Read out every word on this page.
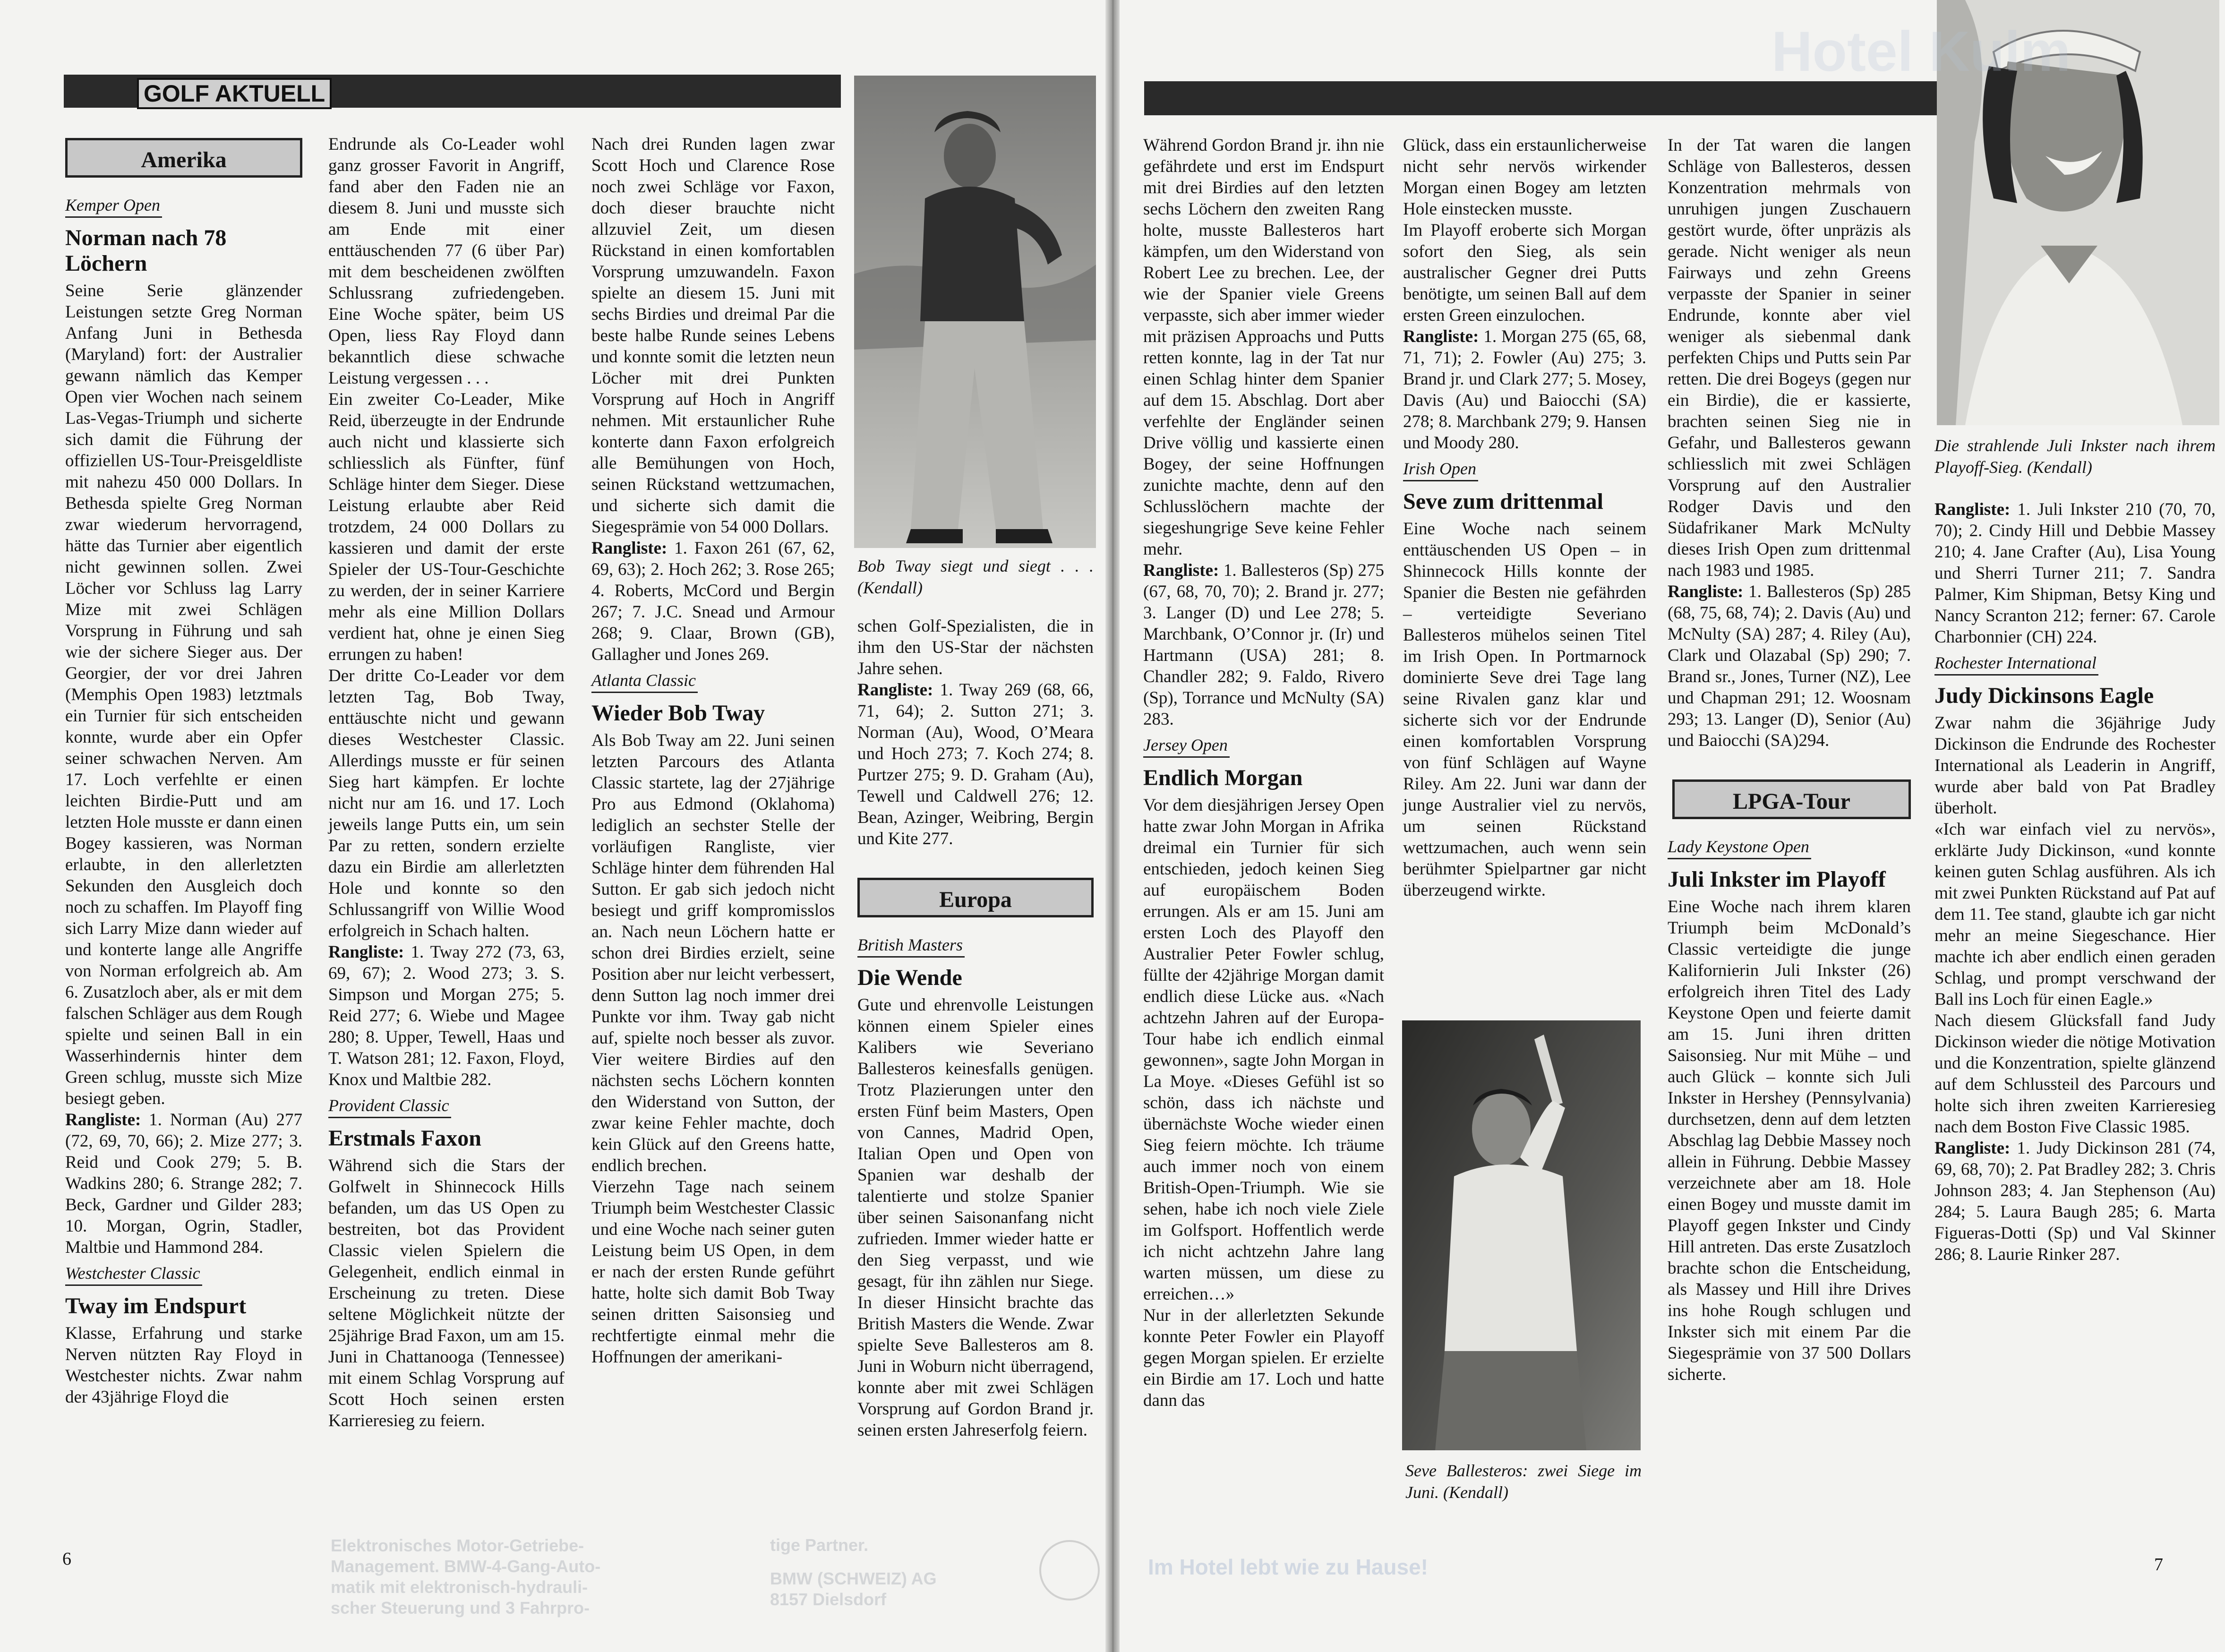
GOLF AKTUELL
Amerika
Kemper Open
Norman nach 78 Löchern

Seine Serie glänzender Leistungen setzte Greg Norman Anfang Juni in Bethesda (Maryland) fort: der Australier gewann nämlich das Kemper Open vier Wochen nach seinem Las-Vegas-Triumph und sicherte sich damit die Führung der offiziellen US-Tour-Preisgeldliste mit nahezu 450 000 Dollars. In Bethesda spielte Greg Norman zwar wiederum hervorragend, hätte das Turnier aber eigentlich nicht gewinnen sollen. Zwei Löcher vor Schluss lag Larry Mize mit zwei Schlägen Vorsprung in Führung und sah wie der sichere Sieger aus. Der Georgier, der vor drei Jahren (Memphis Open 1983) letztmals ein Turnier für sich entscheiden konnte, wurde aber ein Opfer seiner schwachen Nerven. Am 17. Loch verfehlte er einen leichten Birdie-Putt und am letzten Hole musste er dann einen Bogey kassieren, was Norman erlaubte, in den allerletzten Sekunden den Ausgleich doch noch zu schaffen. Im Playoff fing sich Larry Mize dann wieder auf und konterte lange alle Angriffe von Norman erfolgreich ab. Am 6. Zusatzloch aber, als er mit dem falschen Schläger aus dem Rough spielte und seinen Ball in ein Wasserhindernis hinter dem Green schlug, musste sich Mize besiegt geben.

Rangliste: 1. Norman (Au) 277 (72, 69, 70, 66); 2. Mize 277; 3. Reid und Cook 279; 5. B. Wadkins 280; 6. Strange 282; 7. Beck, Gardner und Gilder 283; 10. Morgan, Ogrin, Stadler, Maltbie und Hammond 284.

Westchester Classic
Tway im Endspurt

Klasse, Erfahrung und starke Nerven nützten Ray Floyd in Westchester nichts. Zwar nahm der 43jährige Floyd die

Endrunde als Co-Leader wohl ganz grosser Favorit in Angriff, fand aber den Faden nie an diesem 8. Juni und musste sich am Ende mit einer enttäuschenden 77 (6 über Par) mit dem bescheidenen zwölften Schlussrang zufriedengeben. Eine Woche später, beim US Open, liess Ray Floyd dann bekanntlich diese schwache Leistung vergessen . . .

Ein zweiter Co-Leader, Mike Reid, überzeugte in der Endrunde auch nicht und klassierte sich schliesslich als Fünfter, fünf Schläge hinter dem Sieger. Diese Leistung erlaubte aber Reid trotzdem, 24 000 Dollars zu kassieren und damit der erste Spieler der US-Tour-Geschichte zu werden, der in seiner Karriere mehr als eine Million Dollars verdient hat, ohne je einen Sieg errungen zu haben!

Der dritte Co-Leader vor dem letzten Tag, Bob Tway, enttäuschte nicht und gewann dieses Westchester Classic. Allerdings musste er für seinen Sieg hart kämpfen. Er lochte nicht nur am 16. und 17. Loch jeweils lange Putts ein, um sein Par zu retten, sondern erzielte dazu ein Birdie am allerletzten Hole und konnte so den Schlussangriff von Willie Wood erfolgreich in Schach halten.

Rangliste: 1. Tway 272 (73, 63, 69, 67); 2. Wood 273; 3. S. Simpson und Morgan 275; 5. Reid 277; 6. Wiebe und Magee 280; 8. Upper, Tewell, Haas und T. Watson 281; 12. Faxon, Floyd, Knox und Maltbie 282.

Provident Classic
Erstmals Faxon

Während sich die Stars der Golfwelt in Shinnecock Hills befanden, um das US Open zu bestreiten, bot das Provident Classic vielen Spielern die Gelegenheit, endlich einmal in Erscheinung zu treten. Diese seltene Möglichkeit nützte der 25jährige Brad Faxon, um am 15. Juni in Chattanooga (Tennessee) mit einem Schlag Vorsprung auf Scott Hoch seinen ersten Karrieresieg zu feiern.

Nach drei Runden lagen zwar Scott Hoch und Clarence Rose noch zwei Schläge vor Faxon, doch dieser brauchte nicht allzuviel Zeit, um diesen Rückstand in einen komfortablen Vorsprung umzuwandeln. Faxon spielte an diesem 15. Juni mit sechs Birdies und dreimal Par die beste halbe Runde seines Lebens und konnte somit die letzten neun Löcher mit drei Punkten Vorsprung auf Hoch in Angriff nehmen. Mit erstaunlicher Ruhe konterte dann Faxon erfolgreich alle Bemühungen von Hoch, seinen Rückstand wettzumachen, und sicherte sich damit die Siegesprämie von 54 000 Dollars.

Rangliste: 1. Faxon 261 (67, 62, 69, 63); 2. Hoch 262; 3. Rose 265; 4. Roberts, McCord und Bergin 267; 7. J.C. Snead und Armour 268; 9. Claar, Brown (GB), Gallagher und Jones 269.

Atlanta Classic
Wieder Bob Tway

Als Bob Tway am 22. Juni seinen letzten Parcours des Atlanta Classic startete, lag der 27jährige Pro aus Edmond (Oklahoma) lediglich an sechster Stelle der vorläufigen Rangliste, vier Schläge hinter dem führenden Hal Sutton. Er gab sich jedoch nicht besiegt und griff kompromisslos an. Nach neun Löchern hatte er schon drei Birdies erzielt, seine Position aber nur leicht verbessert, denn Sutton lag noch immer drei Punkte vor ihm. Tway gab nicht auf, spielte noch besser als zuvor. Vier weitere Birdies auf den nächsten sechs Löchern konnten den Widerstand von Sutton, der zwar keine Fehler machte, doch kein Glück auf den Greens hatte, endlich brechen.

Vierzehn Tage nach seinem Triumph beim Westchester Classic und eine Woche nach seiner guten Leistung beim US Open, in dem er nach der ersten Runde geführt hatte, holte sich damit Bob Tway seinen dritten Saisonsieg und rechtfertigte einmal mehr die Hoffnungen der amerikani-

Bob Tway siegt und siegt . . . (Kendall)

schen Golf-Spezialisten, die in ihm den US-Star der nächsten Jahre sehen.

Rangliste: 1. Tway 269 (68, 66, 71, 64); 2. Sutton 271; 3. Norman (Au), Wood, O’Meara und Hoch 273; 7. Koch 274; 8. Purtzer 275; 9. D. Graham (Au), Tewell und Caldwell 276; 12. Bean, Azinger, Weibring, Bergin und Kite 277.

Europa
British Masters
Die Wende

Gute und ehrenvolle Leistungen können einem Spieler eines Kalibers wie Severiano Ballesteros keinesfalls genügen. Trotz Plazierungen unter den ersten Fünf beim Masters, Open von Cannes, Madrid Open, Italian Open und Open von Spanien war deshalb der talentierte und stolze Spanier über seinen Saisonanfang nicht zufrieden. Immer wieder hatte er den Sieg verpasst, und wie gesagt, für ihn zählen nur Siege. In dieser Hinsicht brachte das British Masters die Wende. Zwar spielte Seve Ballesteros am 8. Juni in Woburn nicht überragend, konnte aber mit zwei Schlägen Vorsprung auf Gordon Brand jr. seinen ersten Jahreserfolg feiern.

Elektronisches Motor-Getriebe-
Management. BMW-4-Gang-Auto-
matik mit elektronisch-hydrauli-
scher Steuerung und 3 Fahrpro-
tige Partner.
BMW (SCHWEIZ) AG
8157 Dielsdorf
6

Während Gordon Brand jr. ihn nie gefährdete und erst im Endspurt mit drei Birdies auf den letzten sechs Löchern den zweiten Rang holte, musste Ballesteros hart kämpfen, um den Widerstand von Robert Lee zu brechen. Lee, der wie der Spanier viele Greens verpasste, sich aber immer wieder mit präzisen Approachs und Putts retten konnte, lag in der Tat nur einen Schlag hinter dem Spanier auf dem 15. Abschlag. Dort aber verfehlte der Engländer seinen Drive völlig und kassierte einen Bogey, der seine Hoffnungen zunichte machte, denn auf den Schlusslöchern machte der siegeshungrige Seve keine Fehler mehr.

Rangliste: 1. Ballesteros (Sp) 275 (67, 68, 70, 70); 2. Brand jr. 277; 3. Langer (D) und Lee 278; 5. Marchbank, O’Connor jr. (Ir) und Hartmann (USA) 281; 8. Chandler 282; 9. Faldo, Rivero (Sp), Torrance und McNulty (SA) 283.

Jersey Open
Endlich Morgan

Vor dem diesjährigen Jersey Open hatte zwar John Morgan in Afrika dreimal ein Turnier für sich entschieden, jedoch keinen Sieg auf europäischem Boden errungen. Als er am 15. Juni am ersten Loch des Playoff den Australier Peter Fowler schlug, füllte der 42jährige Morgan damit endlich diese Lücke aus. «Nach achtzehn Jahren auf der Europa-Tour habe ich endlich einmal gewonnen», sagte John Morgan in La Moye. «Dieses Gefühl ist so schön, dass ich nächste und übernächste Woche wieder einen Sieg feiern möchte. Ich träume auch immer noch von einem British-Open-Triumph. Wie sie sehen, habe ich noch viele Ziele im Golfsport. Hoffentlich werde ich nicht achtzehn Jahre lang warten müssen, um diese zu erreichen…»

Nur in der allerletzten Sekunde konnte Peter Fowler ein Playoff gegen Morgan spielen. Er erzielte ein Birdie am 17. Loch und hatte dann das

Glück, dass ein erstaunlicherweise nicht sehr nervös wirkender Morgan einen Bogey am letzten Hole einstecken musste.

Im Playoff eroberte sich Morgan sofort den Sieg, als sein australischer Gegner drei Putts benötigte, um seinen Ball auf dem ersten Green einzulochen.

Rangliste: 1. Morgan 275 (65, 68, 71, 71); 2. Fowler (Au) 275; 3. Brand jr. und Clark 277; 5. Mosey, Davis (Au) und Baiocchi (SA) 278; 8. Marchbank 279; 9. Hansen und Moody 280.

Irish Open
Seve zum drittenmal

Eine Woche nach seinem enttäuschenden US Open – in Shinnecock Hills konnte der Spanier die Besten nie gefährden – verteidigte Severiano Ballesteros mühelos seinen Titel im Irish Open. In Portmarnock dominierte Seve drei Tage lang seine Rivalen ganz klar und sicherte sich vor der Endrunde einen komfortablen Vorsprung von fünf Schlägen auf Wayne Riley. Am 22. Juni war dann der junge Australier viel zu nervös, um seinen Rückstand wettzumachen, auch wenn sein berühmter Spielpartner gar nicht überzeugend wirkte.

Seve Ballesteros: zwei Siege im Juni. (Kendall)

In der Tat waren die langen Schläge von Ballesteros, dessen Konzentration mehrmals von unruhigen jungen Zuschauern gestört wurde, öfter unpräzis als gerade. Nicht weniger als neun Fairways und zehn Greens verpasste der Spanier in seiner Endrunde, konnte aber viel weniger als siebenmal dank perfekten Chips und Putts sein Par retten. Die drei Bogeys (gegen nur ein Birdie), die er kassierte, brachten seinen Sieg nie in Gefahr, und Ballesteros gewann schliesslich mit zwei Schlägen Vorsprung auf den Australier Rodger Davis und den Südafrikaner Mark McNulty dieses Irish Open zum drittenmal nach 1983 und 1985.

Rangliste: 1. Ballesteros (Sp) 285 (68, 75, 68, 74); 2. Davis (Au) und McNulty (SA) 287; 4. Riley (Au), Clark und Olazabal (Sp) 290; 7. Brand sr., Jones, Turner (NZ), Lee und Chapman 291; 12. Woosnam 293; 13. Langer (D), Senior (Au) und Baiocchi (SA)294.

LPGA-Tour
Lady Keystone Open
Juli Inkster im Playoff

Eine Woche nach ihrem klaren Triumph beim McDonald’s Classic verteidigte die junge Kalifornierin Juli Inkster (26) erfolgreich ihren Titel des Lady Keystone Open und feierte damit am 15. Juni ihren dritten Saisonsieg. Nur mit Mühe – und auch Glück – konnte sich Juli Inkster in Hershey (Pennsylvania) durchsetzen, denn auf dem letzten Abschlag lag Debbie Massey noch allein in Führung. Debbie Massey verzeichnete aber am 18. Hole einen Bogey und musste damit im Playoff gegen Inkster und Cindy Hill antreten. Das erste Zusatzloch brachte schon die Entscheidung, als Massey und Hill ihre Drives ins hohe Rough schlugen und Inkster sich mit einem Par die Siegesprämie von 37 500 Dollars sicherte.

Die strahlende Juli Inkster nach ihrem Playoff-Sieg. (Kendall)

Rangliste: 1. Juli Inkster 210 (70, 70, 70); 2. Cindy Hill und Debbie Massey 210; 4. Jane Crafter (Au), Lisa Young und Sherri Turner 211; 7. Sandra Palmer, Kim Shipman, Betsy King und Nancy Scranton 212; ferner: 67. Carole Charbonnier (CH) 224.

Rochester International
Judy Dickinsons Eagle

Zwar nahm die 36jährige Judy Dickinson die Endrunde des Rochester International als Leaderin in Angriff, wurde aber bald von Pat Bradley überholt.

«Ich war einfach viel zu nervös», erklärte Judy Dickinson, «und konnte keinen guten Schlag ausführen. Als ich mit zwei Punkten Rückstand auf Pat auf dem 11. Tee stand, glaubte ich gar nicht mehr an meine Siegeschance. Hier machte ich aber endlich einen geraden Schlag, und prompt verschwand der Ball ins Loch für einen Eagle.»

Nach diesem Glücksfall fand Judy Dickinson wieder die nötige Motivation und die Konzentration, spielte glänzend auf dem Schlussteil des Parcours und holte sich ihren zweiten Karrieresieg nach dem Boston Five Classic 1985.

Rangliste: 1. Judy Dickinson 281 (74, 69, 68, 70); 2. Pat Bradley 282; 3. Chris Johnson 283; 4. Jan Stephenson (Au) 284; 5. Laura Baugh 285; 6. Marta Figueras-Dotti (Sp) und Val Skinner 286; 8. Laurie Rinker 287.

Im Hotel lebt wie zu Hause!
Hotel Kulm
7
